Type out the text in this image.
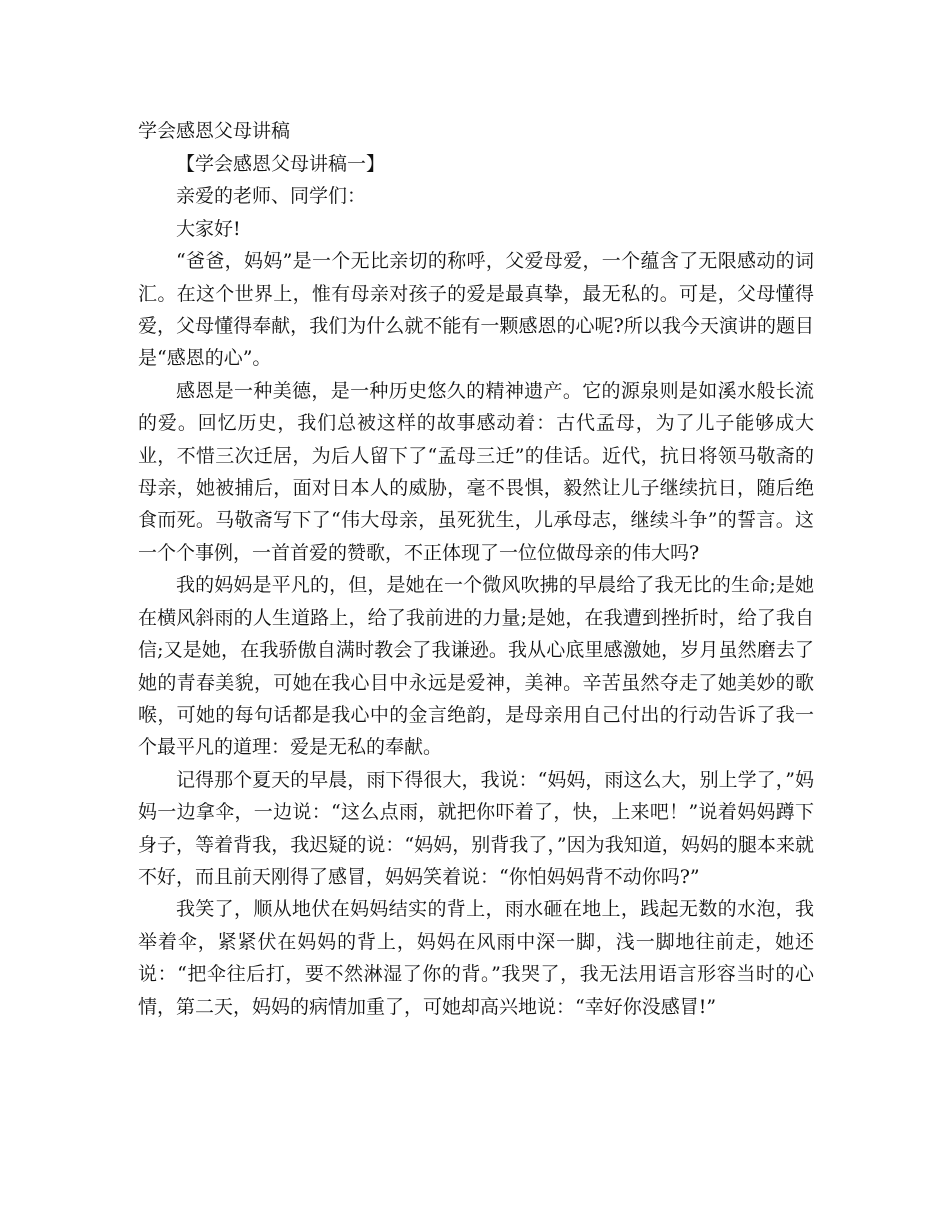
学会感恩父母讲稿

【学会感恩父母讲稿一】

亲爱的老师、同学们：

大家好!

“爸爸，妈妈”是一个无比亲切的称呼，父爱母爱，一个蕴含了无限感动的词汇。在这个世界上，惟有母亲对孩子的爱是最真挚，最无私的。可是，父母懂得爱，父母懂得奉献，我们为什么就不能有一颗感恩的心呢?所以我今天演讲的题目是“感恩的心”。

感恩是一种美德，是一种历史悠久的精神遗产。它的源泉则是如溪水般长流的爱。回忆历史，我们总被这样的故事感动着：古代孟母，为了儿子能够成大业，不惜三次迁居，为后人留下了“孟母三迁”的佳话。近代，抗日将领马敬斋的母亲，她被捕后，面对日本人的威胁，毫不畏惧，毅然让儿子继续抗日，随后绝食而死。马敬斋写下了“伟大母亲，虽死犹生，儿承母志，继续斗争”的誓言。这一个个事例，一首首爱的赞歌，不正体现了一位位做母亲的伟大吗?

我的妈妈是平凡的，但，是她在一个微风吹拂的早晨给了我无比的生命;是她在横风斜雨的人生道路上，给了我前进的力量;是她，在我遭到挫折时，给了我自信;又是她，在我骄傲自满时教会了我谦逊。我从心底里感激她，岁月虽然磨去了她的青春美貌，可她在我心目中永远是爱神，美神。辛苦虽然夺走了她美妙的歌喉，可她的每句话都是我心中的金言绝韵，是母亲用自己付出的行动告诉了我一个最平凡的道理：爱是无私的奉献。

记得那个夏天的早晨，雨下得很大，我说：“妈妈，雨这么大，别上学了，”妈妈一边拿伞，一边说：“这么点雨，就把你吓着了，快，上来吧！”说着妈妈蹲下身子，等着背我，我迟疑的说：“妈妈，别背我了，”因为我知道，妈妈的腿本来就不好，而且前天刚得了感冒，妈妈笑着说：“你怕妈妈背不动你吗?”

我笑了，顺从地伏在妈妈结实的背上，雨水砸在地上，践起无数的水泡，我举着伞，紧紧伏在妈妈的背上，妈妈在风雨中深一脚，浅一脚地往前走，她还说：“把伞往后打，要不然淋湿了你的背。”我哭了，我无法用语言形容当时的心情，第二天，妈妈的病情加重了，可她却高兴地说：“幸好你没感冒!”
